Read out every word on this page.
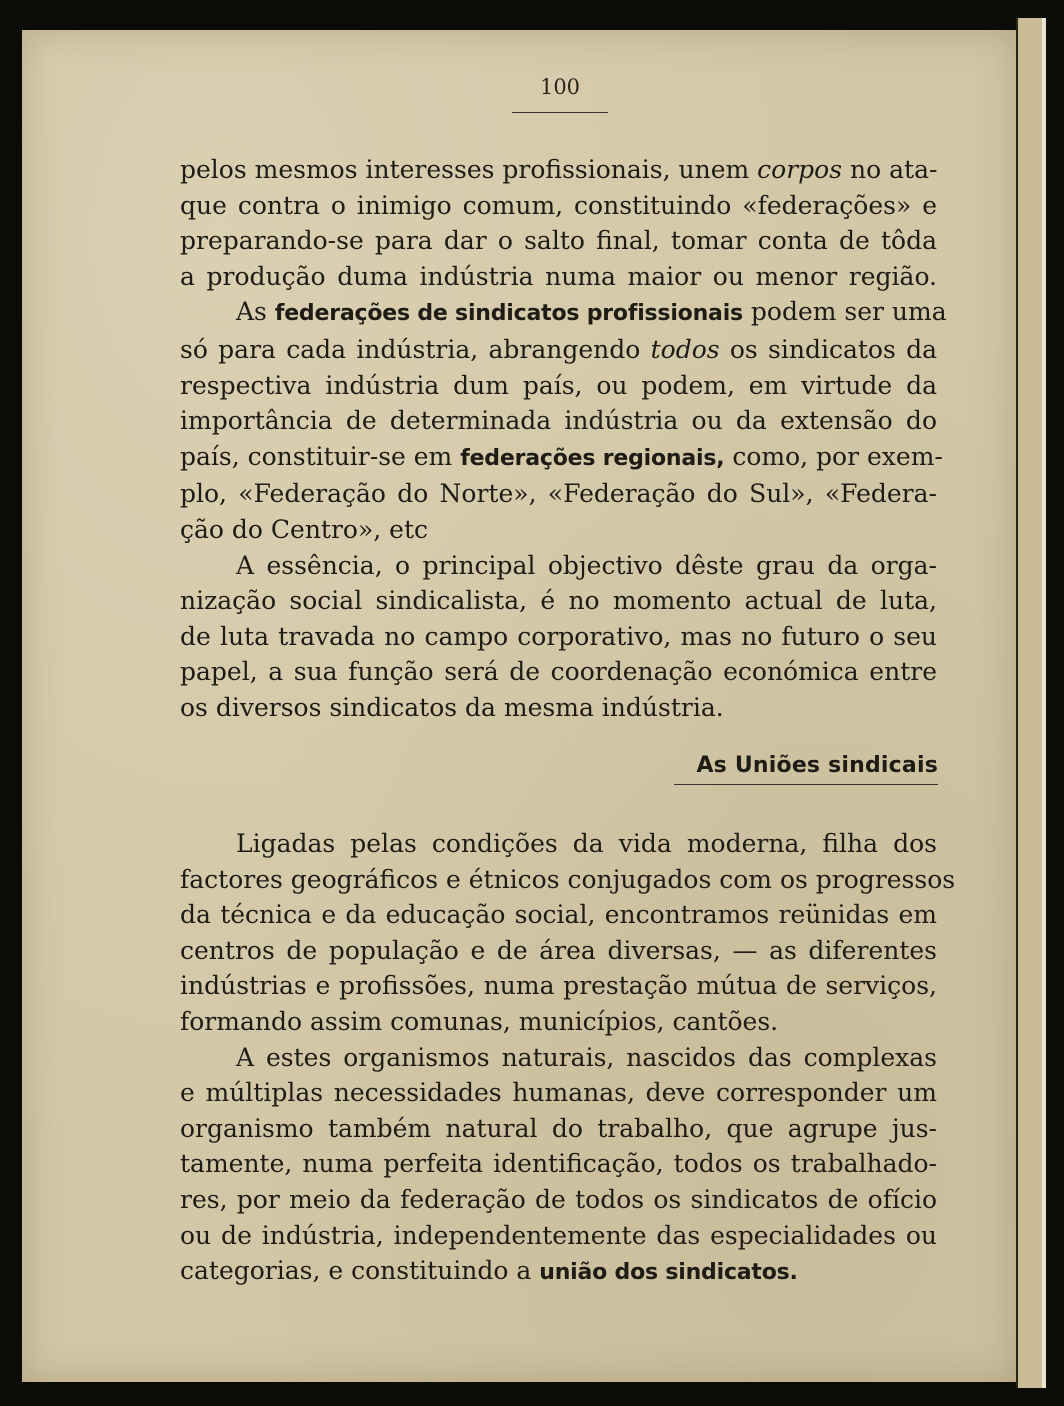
100
pelos mesmos interesses profissionais, unem corpos no ata-
que contra o inimigo comum, constituindo «federações» e
preparando-se para dar o salto final, tomar conta de tôda
a produção duma indústria numa maior ou menor região.
As federações de sindicatos profissionais podem ser uma
só para cada indústria, abrangendo todos os sindicatos da
respectiva indústria dum país, ou podem, em virtude da
importância de determinada indústria ou da extensão do
país, constituir-se em federações regionais, como, por exem-
plo, «Federação do Norte», «Federação do Sul», «Federa-
ção do Centro», etc
A essência, o principal objectivo dêste grau da orga-
nização social sindicalista, é no momento actual de luta,
de luta travada no campo corporativo, mas no futuro o seu
papel, a sua função será de coordenação económica entre
os diversos sindicatos da mesma indústria.
As Uniões sindicais
Ligadas pelas condições da vida moderna, filha dos
factores geográficos e étnicos conjugados com os progressos
da técnica e da educação social, encontramos reünidas em
centros de população e de área diversas, — as diferentes
indústrias e profissões, numa prestação mútua de serviços,
formando assim comunas, municípios, cantões.
A estes organismos naturais, nascidos das complexas
e múltiplas necessidades humanas, deve corresponder um
organismo também natural do trabalho, que agrupe jus-
tamente, numa perfeita identificação, todos os trabalhado-
res, por meio da federação de todos os sindicatos de ofício
ou de indústria, independentemente das especialidades ou
categorias, e constituindo a união dos sindicatos.
